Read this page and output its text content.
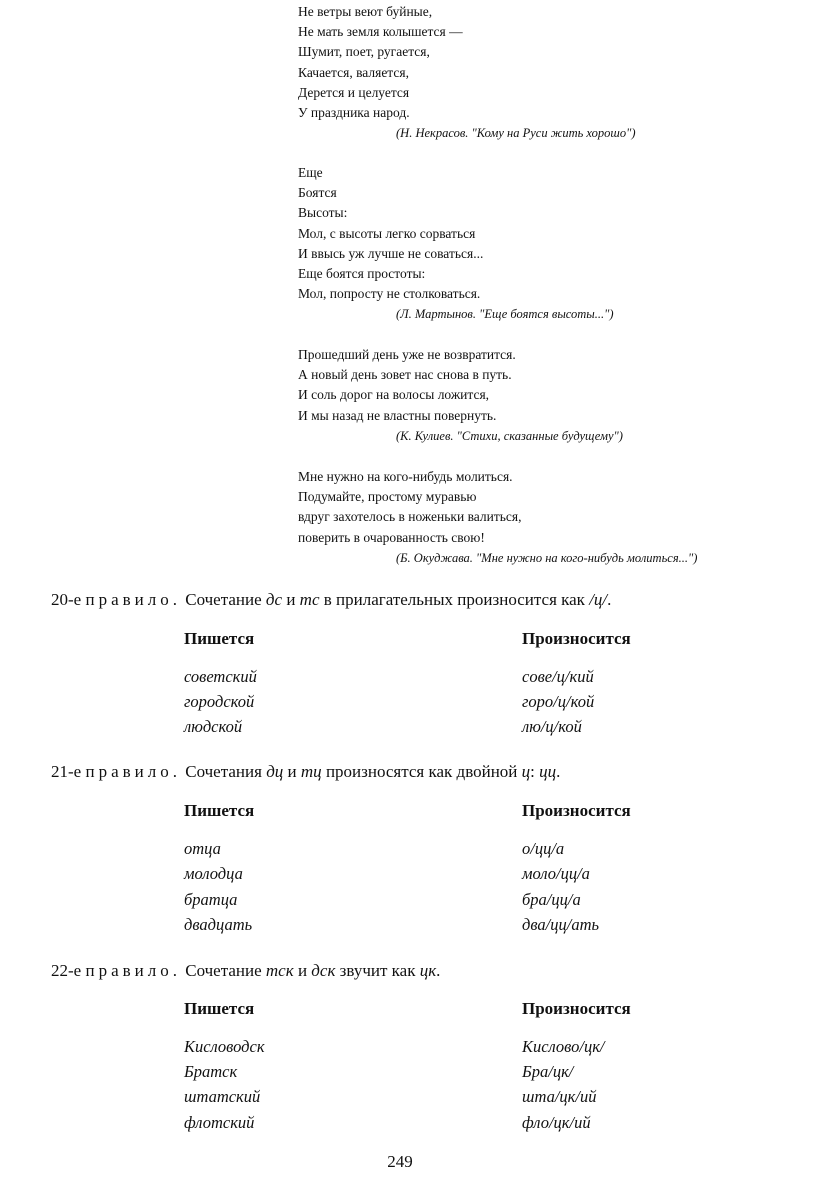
Не ветры веют буйные,
Не мать земля колышется —
Шумит, поет, ругается,
Качается, валяется,
Дерется и целуется
У праздника народ.
(Н. Некрасов. "Кому на Руси жить хорошо")
Еще
Боятся
Высоты:
Мол, с высоты легко сорваться
И ввысь уж лучше не соваться...
Еще боятся простоты:
Мол, попросту не столковаться.
(Л. Мартынов. "Еще боятся высоты...")
Прошедший день уже не возвратится.
А новый день зовет нас снова в путь.
И соль дорог на волосы ложится,
И мы назад не властны повернуть.
(К. Кулиев. "Стихи, сказанные будущему")
Мне нужно на кого-нибудь молиться.
Подумайте, простому муравью
вдруг захотелось в ноженьки валиться,
поверить в очарованность свою!
(Б. Окуджава. "Мне нужно на кого-нибудь молиться...")
20-е правило. Сочетание дс и тс в прилагательных произносится как /ц/.
Пишется	Произносится
советский	cове/ц/кий
городской	горо/ц/кой
людской	лю/ц/кой
21-е правило. Сочетания дц и тц произносятся как двойной ц: цц.
Пишется	Произносится
отца	о/цц/а
молодца	моло/цц/а
братца	бра/цц/а
двадцать	два/цц/ать
22-е правило. Сочетание тск и дск звучит как цк.
Пишется	Произносится
Кисловодск	Кислово/цк/
Братск	Бра/цк/
штатский	шта/цк/ий
флотский	фло/цк/ий
249
